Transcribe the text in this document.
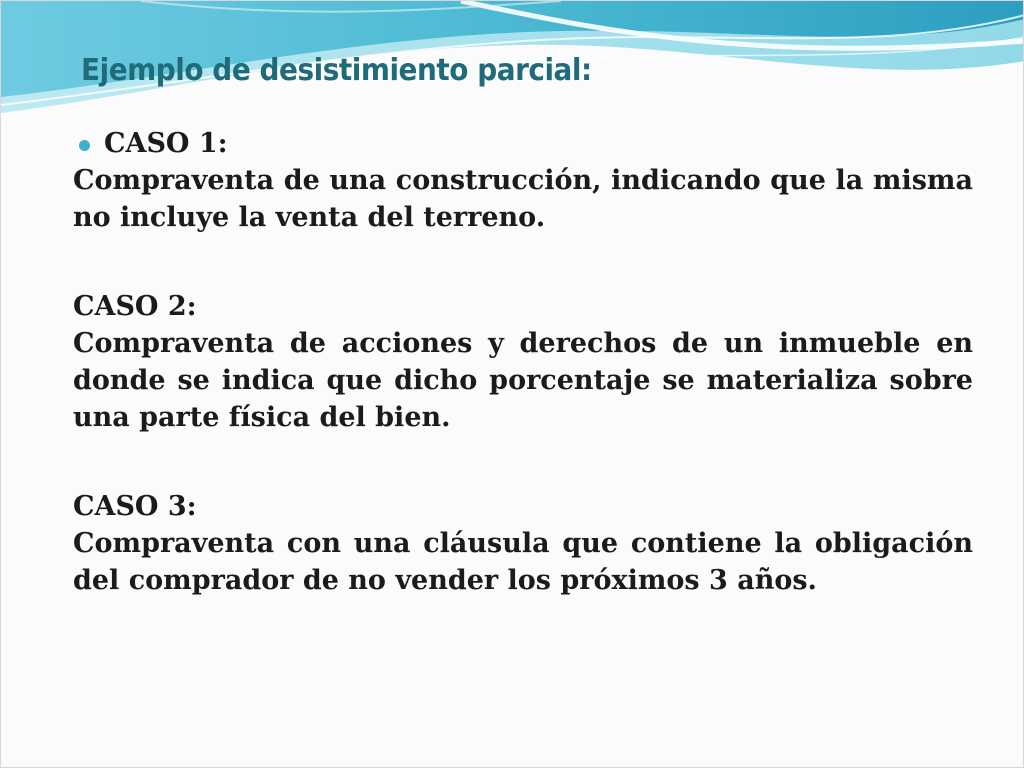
Ejemplo de desistimiento parcial:
CASO 1:

Compraventa de una construcción, indicando que la misma no incluye la venta del terreno.

CASO 2:

Compraventa de acciones y derechos de un inmueble en donde se indica que dicho porcentaje se materializa sobre una parte física del bien.

CASO 3:

Compraventa con una cláusula que contiene la obligación del comprador de no vender los próximos 3 años.
